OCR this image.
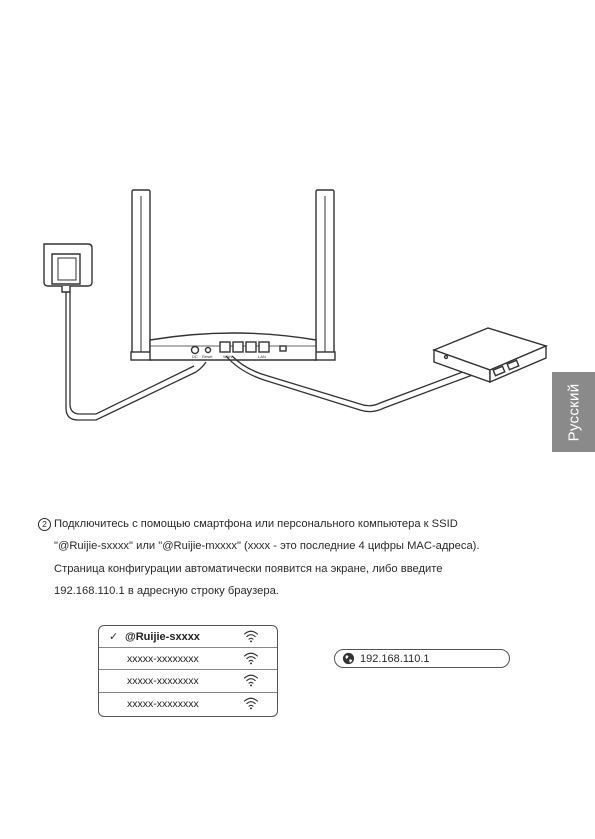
DC Reset	WAN	LAN
Русский
2 Подключитесь с помощью смартфона или персонального компьютера к SSID
"@Ruijie-sxxxx" или "@Ruijie-mxxxx" (xxxx - это последние 4 цифры MAC-адреса).
Страница конфигурации автоматически появится на экране, либо введите
192.168.110.1 в адресную строку браузера.
✓ @Ruijie-sxxxx
xxxxx-xxxxxxxx
xxxxx-xxxxxxxx
xxxxx-xxxxxxxx
192.168.110.1
